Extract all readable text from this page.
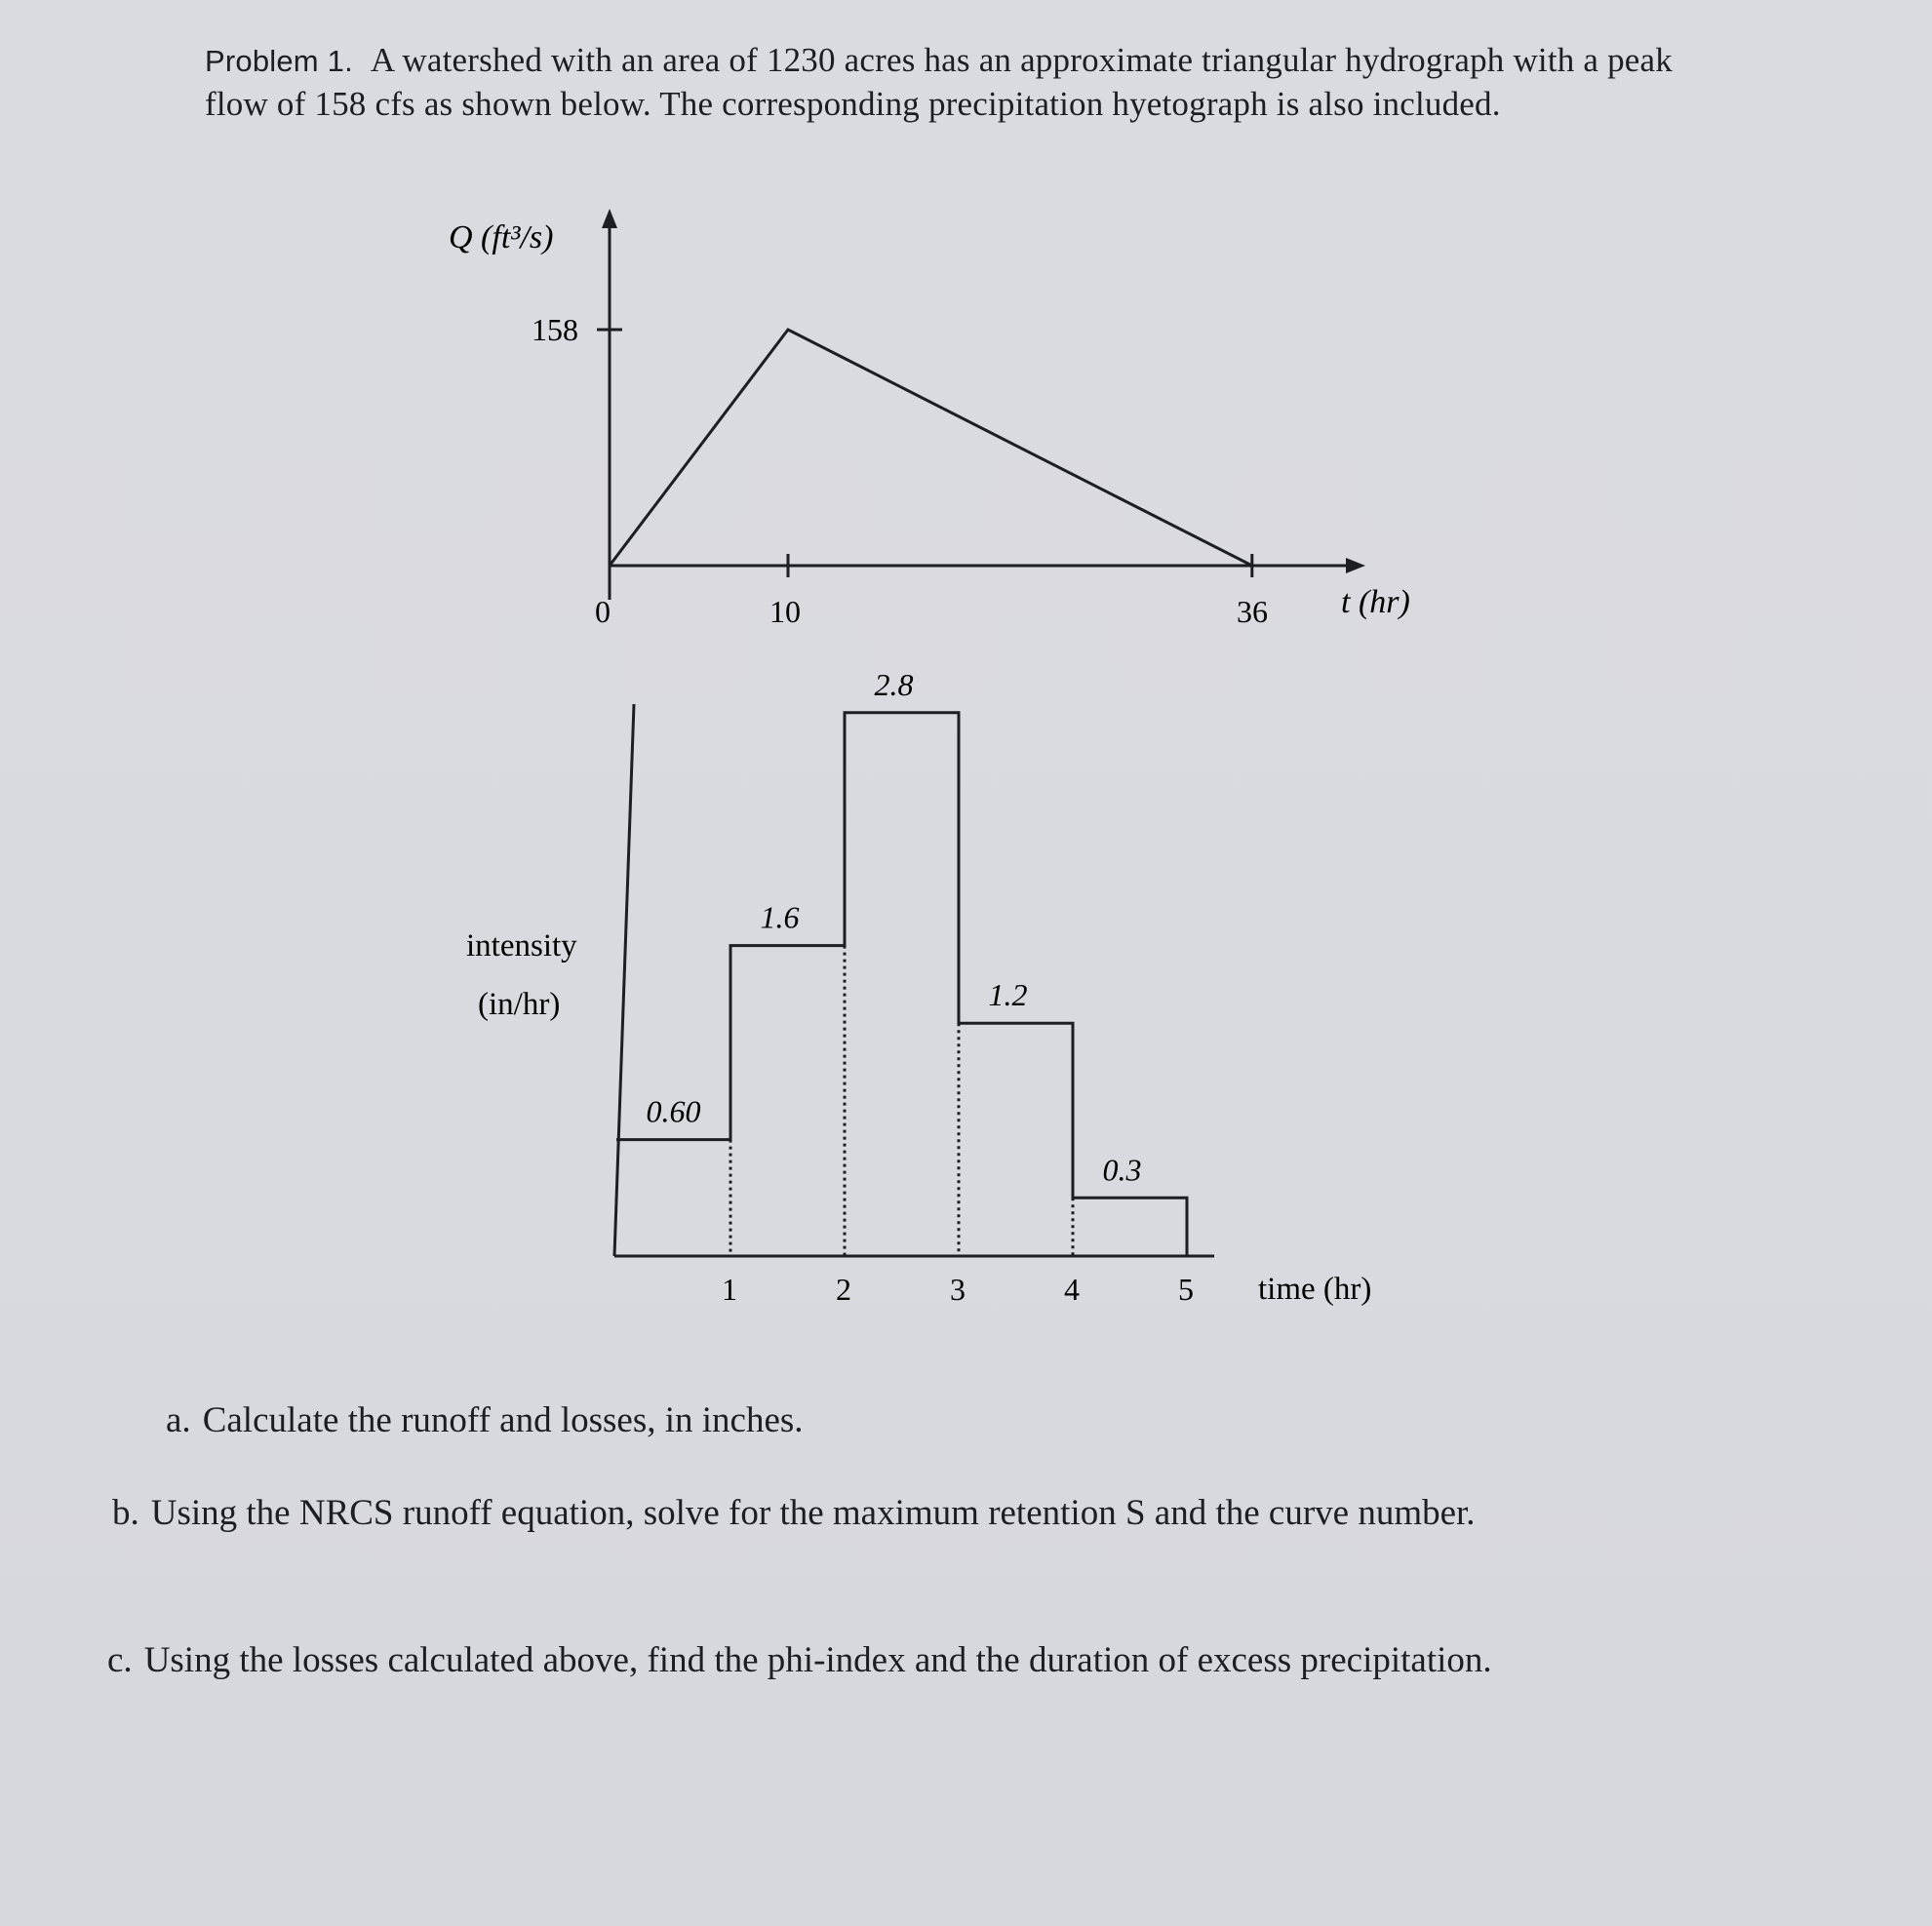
Problem 1. A watershed with an area of 1230 acres has an approximate triangular hydrograph with a peak flow of 158 cfs as shown below. The corresponding precipitation hyetograph is also included.
Q (ft³/s)
158
0	10	36 t (hr)
0.60
1.6
2.8
1.2
0.3
1	2	3	4	5
intensity
(in/hr)
time (hr)
a. Calculate the runoff and losses, in inches.
b. Using the NRCS runoff equation, solve for the maximum retention S and the curve number.
c. Using the losses calculated above, find the phi-index and the duration of excess precipitation.
